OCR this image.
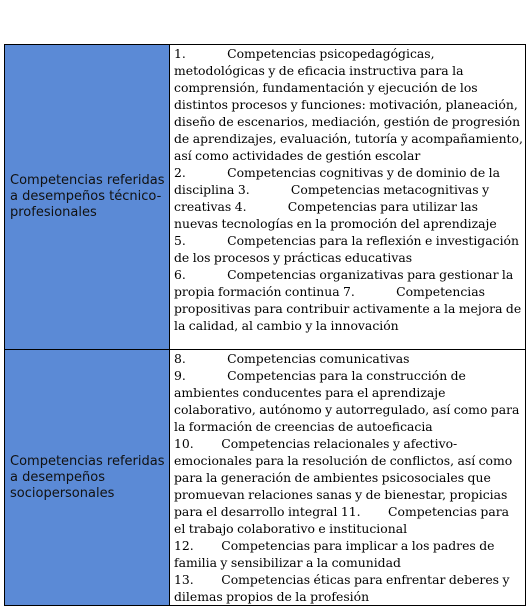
Competencias referidas a desempeños técnico-profesionales	1.            Competencias psicopedagógicas, metodológicas y de eficacia instructiva para la comprensión, fundamentación y ejecución de los distintos procesos y funciones: motivación, planeación, diseño de escenarios, mediación, gestión de progresión de aprendizajes, evaluación, tutoría y acompañamiento, así como actividades de gestión escolar 2.            Competencias cognitivas y de dominio de la disciplina 3.            Competencias metacognitivas y creativas 4.            Competencias para utilizar las nuevas tecnologías en la promoción del aprendizaje 5.            Competencias para la reflexión e investigación de los procesos y prácticas educativas 6.            Competencias organizativas para gestionar la propia formación continua 7.            Competencias propositivas para contribuir activamente a la mejora de la calidad, al cambio y la innovación
Competencias referidas a desempeños sociopersonales	8.            Competencias comunicativas 9.            Competencias para la construcción de ambientes conducentes para el aprendizaje colaborativo, autónomo y autorregulado, así como para la formación de creencias de autoeficacia 10.        Competencias relacionales y afectivo-emocionales para la resolución de conflictos, así como para la generación de ambientes psicosociales que promuevan relaciones sanas y de bienestar, propicias para el desarrollo integral 11.        Competencias para el trabajo colaborativo e institucional 12.        Competencias para implicar a los padres de familia y sensibilizar a la comunidad 13.        Competencias éticas para enfrentar deberes y dilemas propios de la profesión
